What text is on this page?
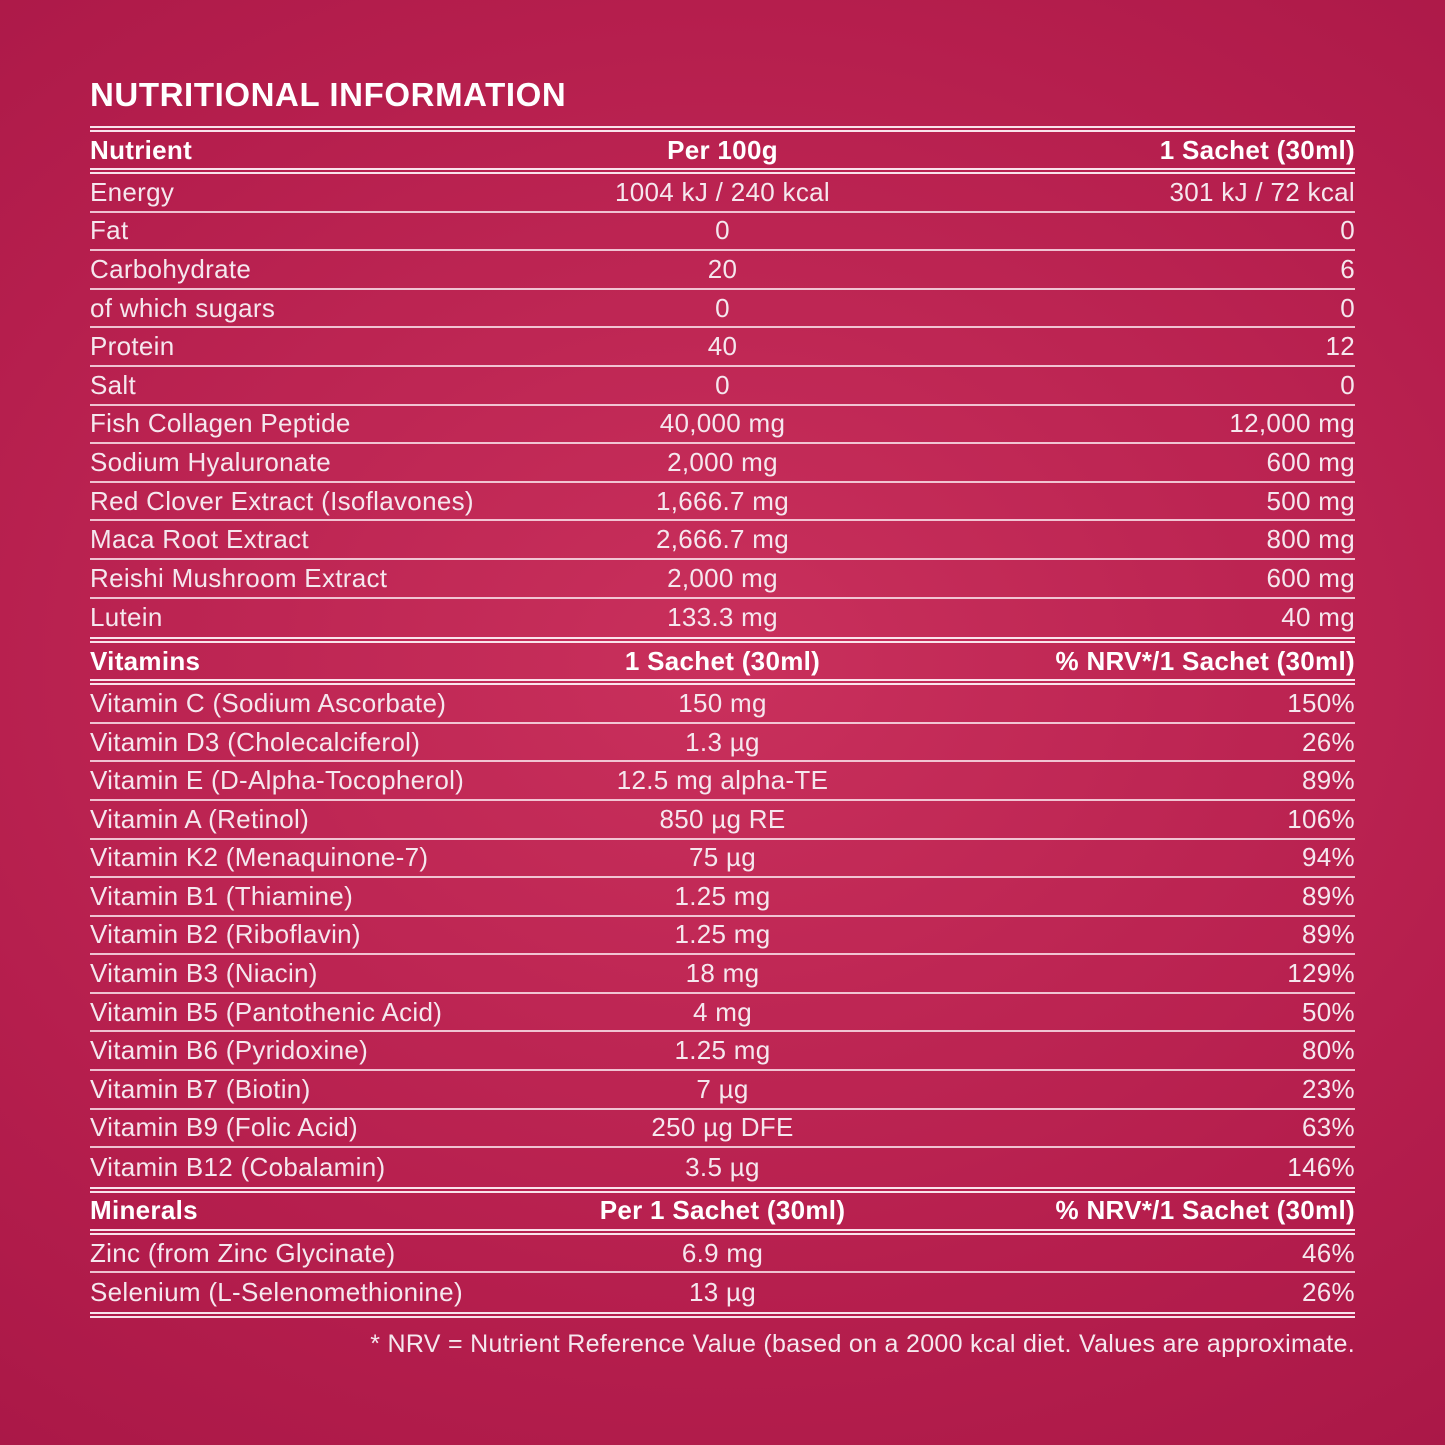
NUTRITIONAL INFORMATION
Nutrient	Per 100g	1 Sachet (30ml)
Energy	1004 kJ / 240 kcal	301 kJ / 72 kcal
Fat	0	0
Carbohydrate	20	6
of which sugars	0	0
Protein	40	12
Salt	0	0
Fish Collagen Peptide	40,000 mg	12,000 mg
Sodium Hyaluronate	2,000 mg	600 mg
Red Clover Extract (Isoflavones)	1,666.7 mg	500 mg
Maca Root Extract	2,666.7 mg	800 mg
Reishi Mushroom Extract	2,000 mg	600 mg
Lutein	133.3 mg	40 mg
Vitamins	1 Sachet (30ml)	% NRV*/1 Sachet (30ml)
Vitamin C (Sodium Ascorbate)	150 mg	150%
Vitamin D3 (Cholecalciferol)	1.3 µg	26%
Vitamin E (D-Alpha-Tocopherol)	12.5 mg alpha-TE	89%
Vitamin A (Retinol)	850 µg RE	106%
Vitamin K2 (Menaquinone-7)	75 µg	94%
Vitamin B1 (Thiamine)	1.25 mg	89%
Vitamin B2 (Riboflavin)	1.25 mg	89%
Vitamin B3 (Niacin)	18 mg	129%
Vitamin B5 (Pantothenic Acid)	4 mg	50%
Vitamin B6 (Pyridoxine)	1.25 mg	80%
Vitamin B7 (Biotin)	7 µg	23%
Vitamin B9 (Folic Acid)	250 µg DFE	63%
Vitamin B12 (Cobalamin)	3.5 µg	146%
Minerals	Per 1 Sachet (30ml)	% NRV*/1 Sachet (30ml)
Zinc (from Zinc Glycinate)	6.9 mg	46%
Selenium (L-Selenomethionine)	13 µg	26%
* NRV = Nutrient Reference Value (based on a 2000 kcal diet. Values are approximate.
